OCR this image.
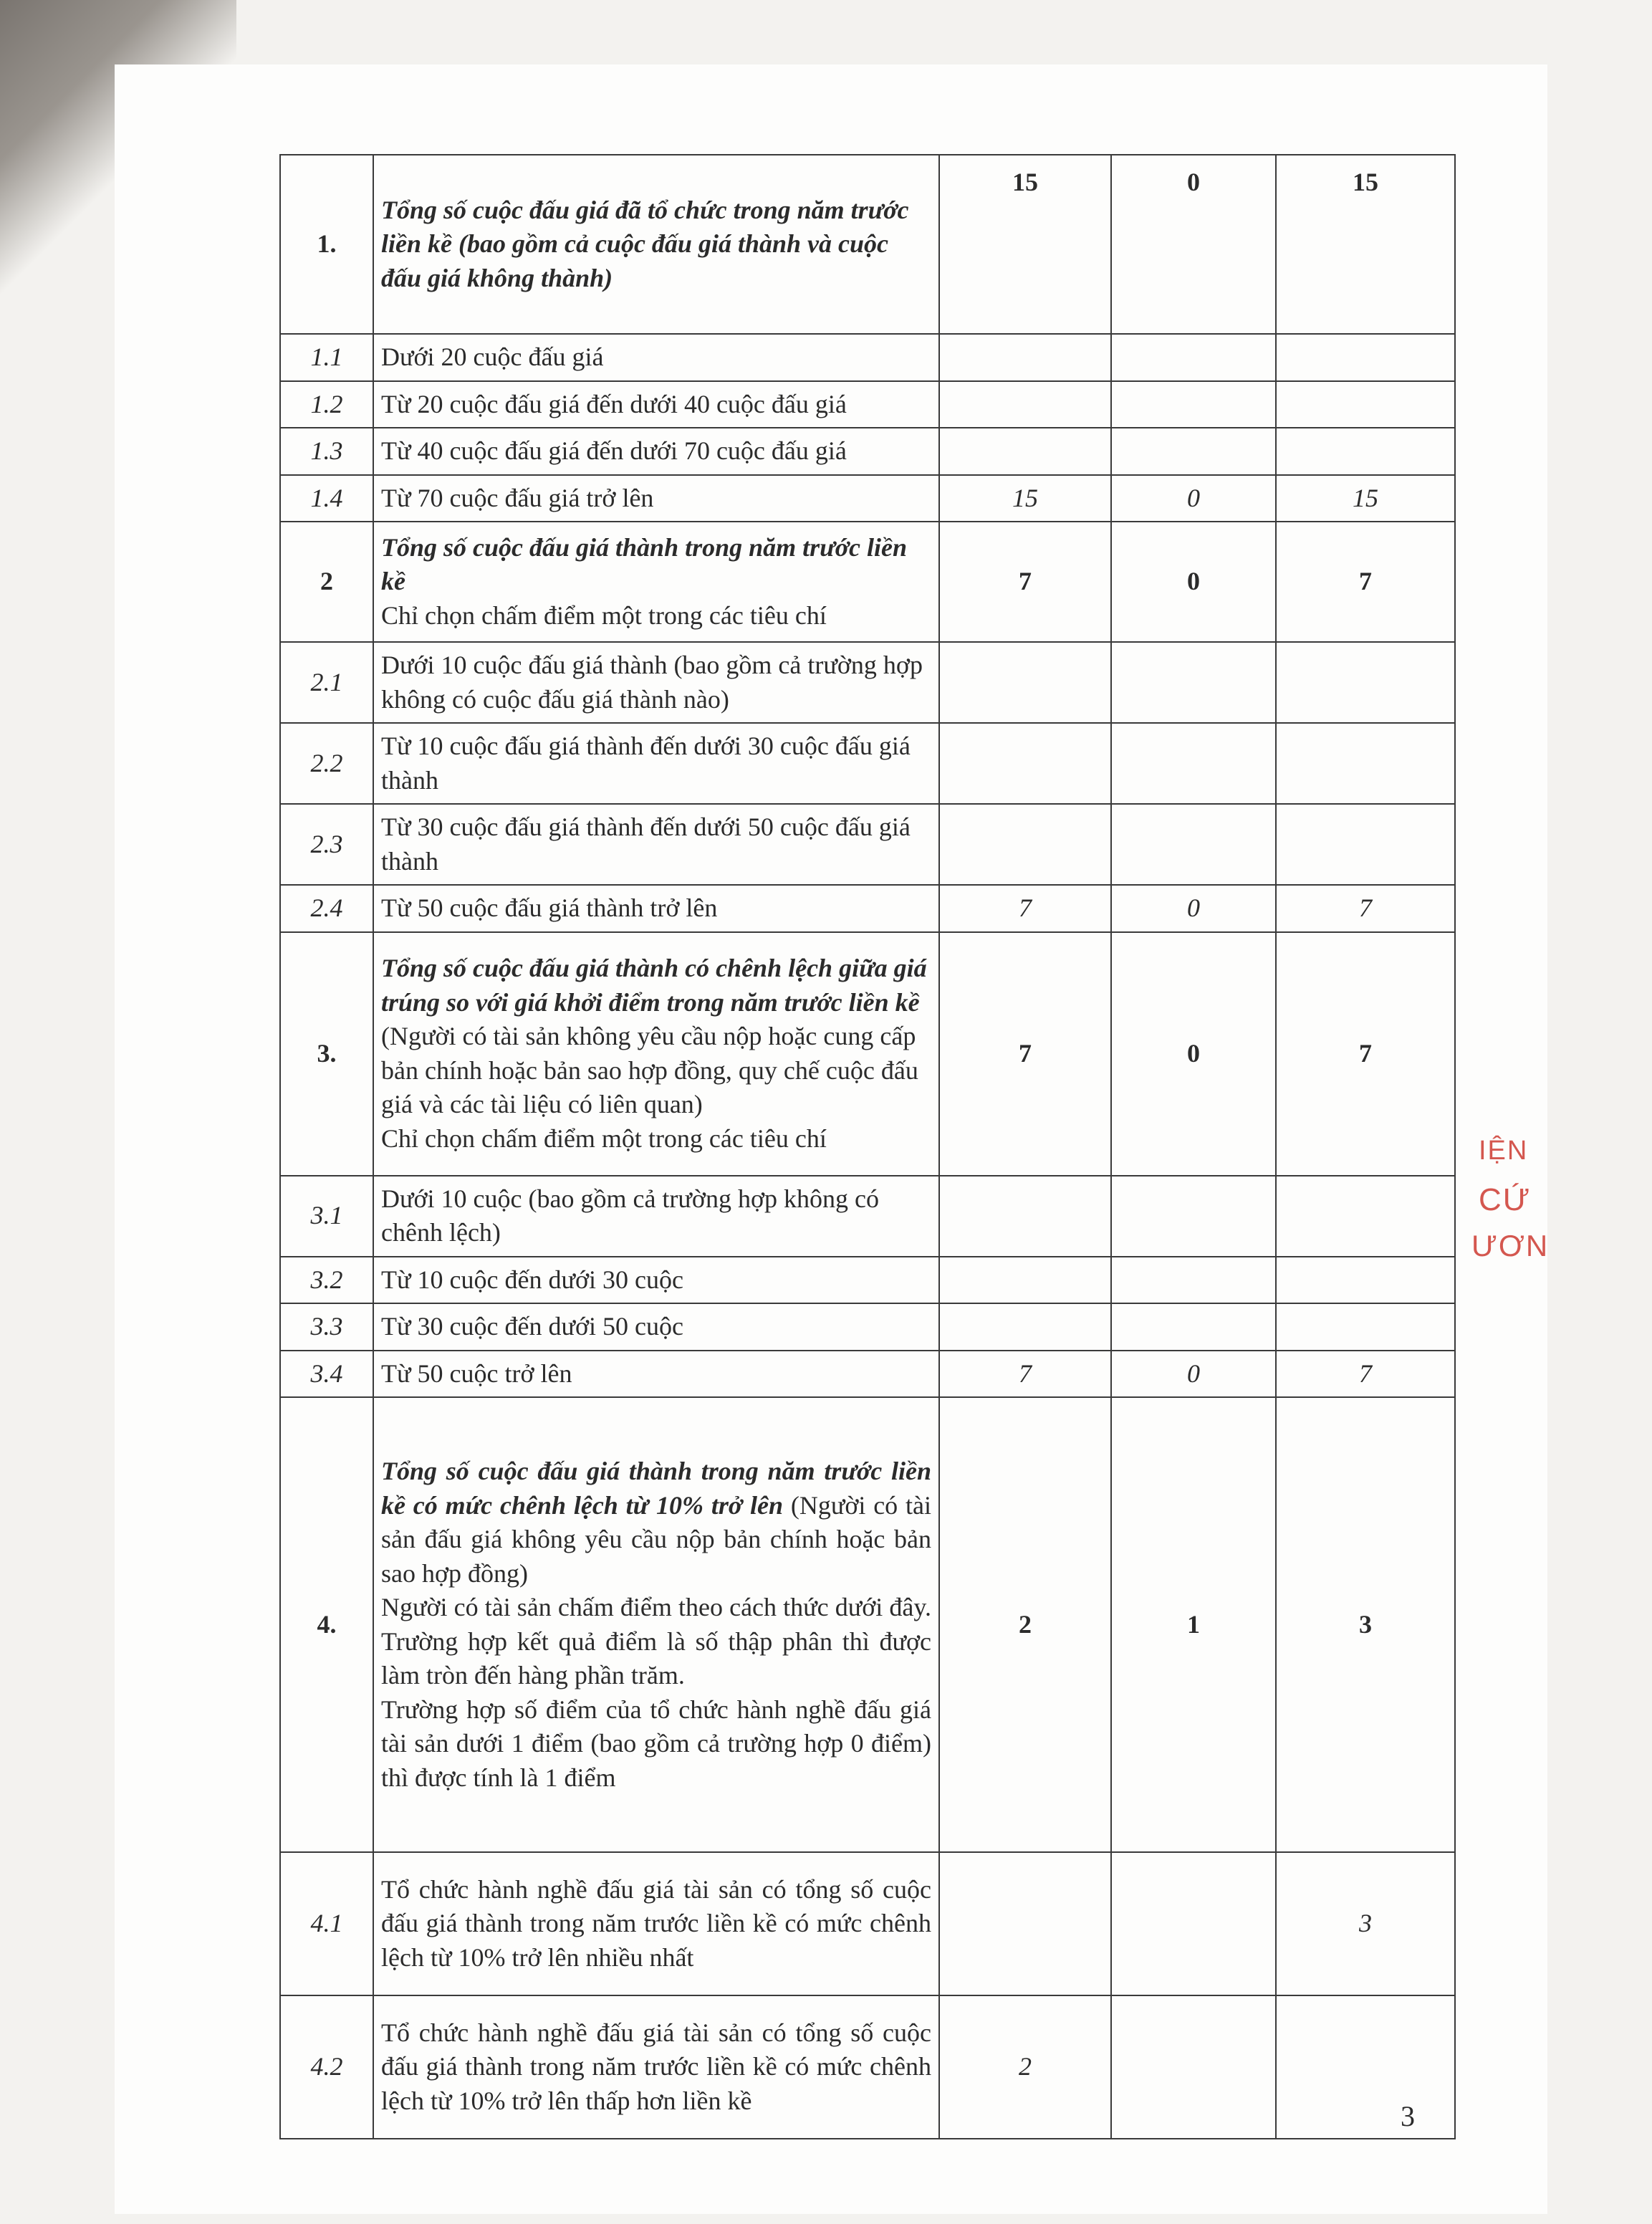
IỆN
CỨ
ƯƠN
1.	Tổng số cuộc đấu giá đã tổ chức trong năm trước liền kề (bao gồm cả cuộc đấu giá thành và cuộc đấu giá không thành)	15	0	15
1.1	Dưới 20 cuộc đấu giá			
1.2	Từ 20 cuộc đấu giá đến dưới 40 cuộc đấu giá			
1.3	Từ 40 cuộc đấu giá đến dưới 70 cuộc đấu giá			
1.4	Từ 70 cuộc đấu giá trở lên	15	0	15
2	Tổng số cuộc đấu giá thành trong năm trước liền kề
Chỉ chọn chấm điểm một trong các tiêu chí	7	0	7
2.1	Dưới 10 cuộc đấu giá thành (bao gồm cả trường hợp không có cuộc đấu giá thành nào)			
2.2	Từ 10 cuộc đấu giá thành đến dưới 30 cuộc đấu giá thành			
2.3	Từ 30 cuộc đấu giá thành đến dưới 50 cuộc đấu giá thành			
2.4	Từ 50 cuộc đấu giá thành trở lên	7	0	7
3.	Tổng số cuộc đấu giá thành có chênh lệch giữa giá trúng so với giá khởi điểm trong năm trước liền kề (Người có tài sản không yêu cầu nộp hoặc cung cấp bản chính hoặc bản sao hợp đồng, quy chế cuộc đấu giá và các tài liệu có liên quan)
Chỉ chọn chấm điểm một trong các tiêu chí	7	0	7
3.1	Dưới 10 cuộc (bao gồm cả trường hợp không có chênh lệch)			
3.2	Từ 10 cuộc đến dưới 30 cuộc			
3.3	Từ 30 cuộc đến dưới 50 cuộc			
3.4	Từ 50 cuộc trở lên	7	0	7
4.	Tổng số cuộc đấu giá thành trong năm trước liền kề có mức chênh lệch từ 10% trở lên (Người có tài sản đấu giá không yêu cầu nộp bản chính hoặc bản sao hợp đồng)
Người có tài sản chấm điểm theo cách thức dưới đây. Trường hợp kết quả điểm là số thập phân thì được làm tròn đến hàng phần trăm.
Trường hợp số điểm của tổ chức hành nghề đấu giá tài sản dưới 1 điểm (bao gồm cả trường hợp 0 điểm) thì được tính là 1 điểm	2	1	3
4.1	Tổ chức hành nghề đấu giá tài sản có tổng số cuộc đấu giá thành trong năm trước liền kề có mức chênh lệch từ 10% trở lên nhiều nhất			3
4.2	Tổ chức hành nghề đấu giá tài sản có tổng số cuộc đấu giá thành trong năm trước liền kề có mức chênh lệch từ 10% trở lên thấp hơn liền kề	2		
3
